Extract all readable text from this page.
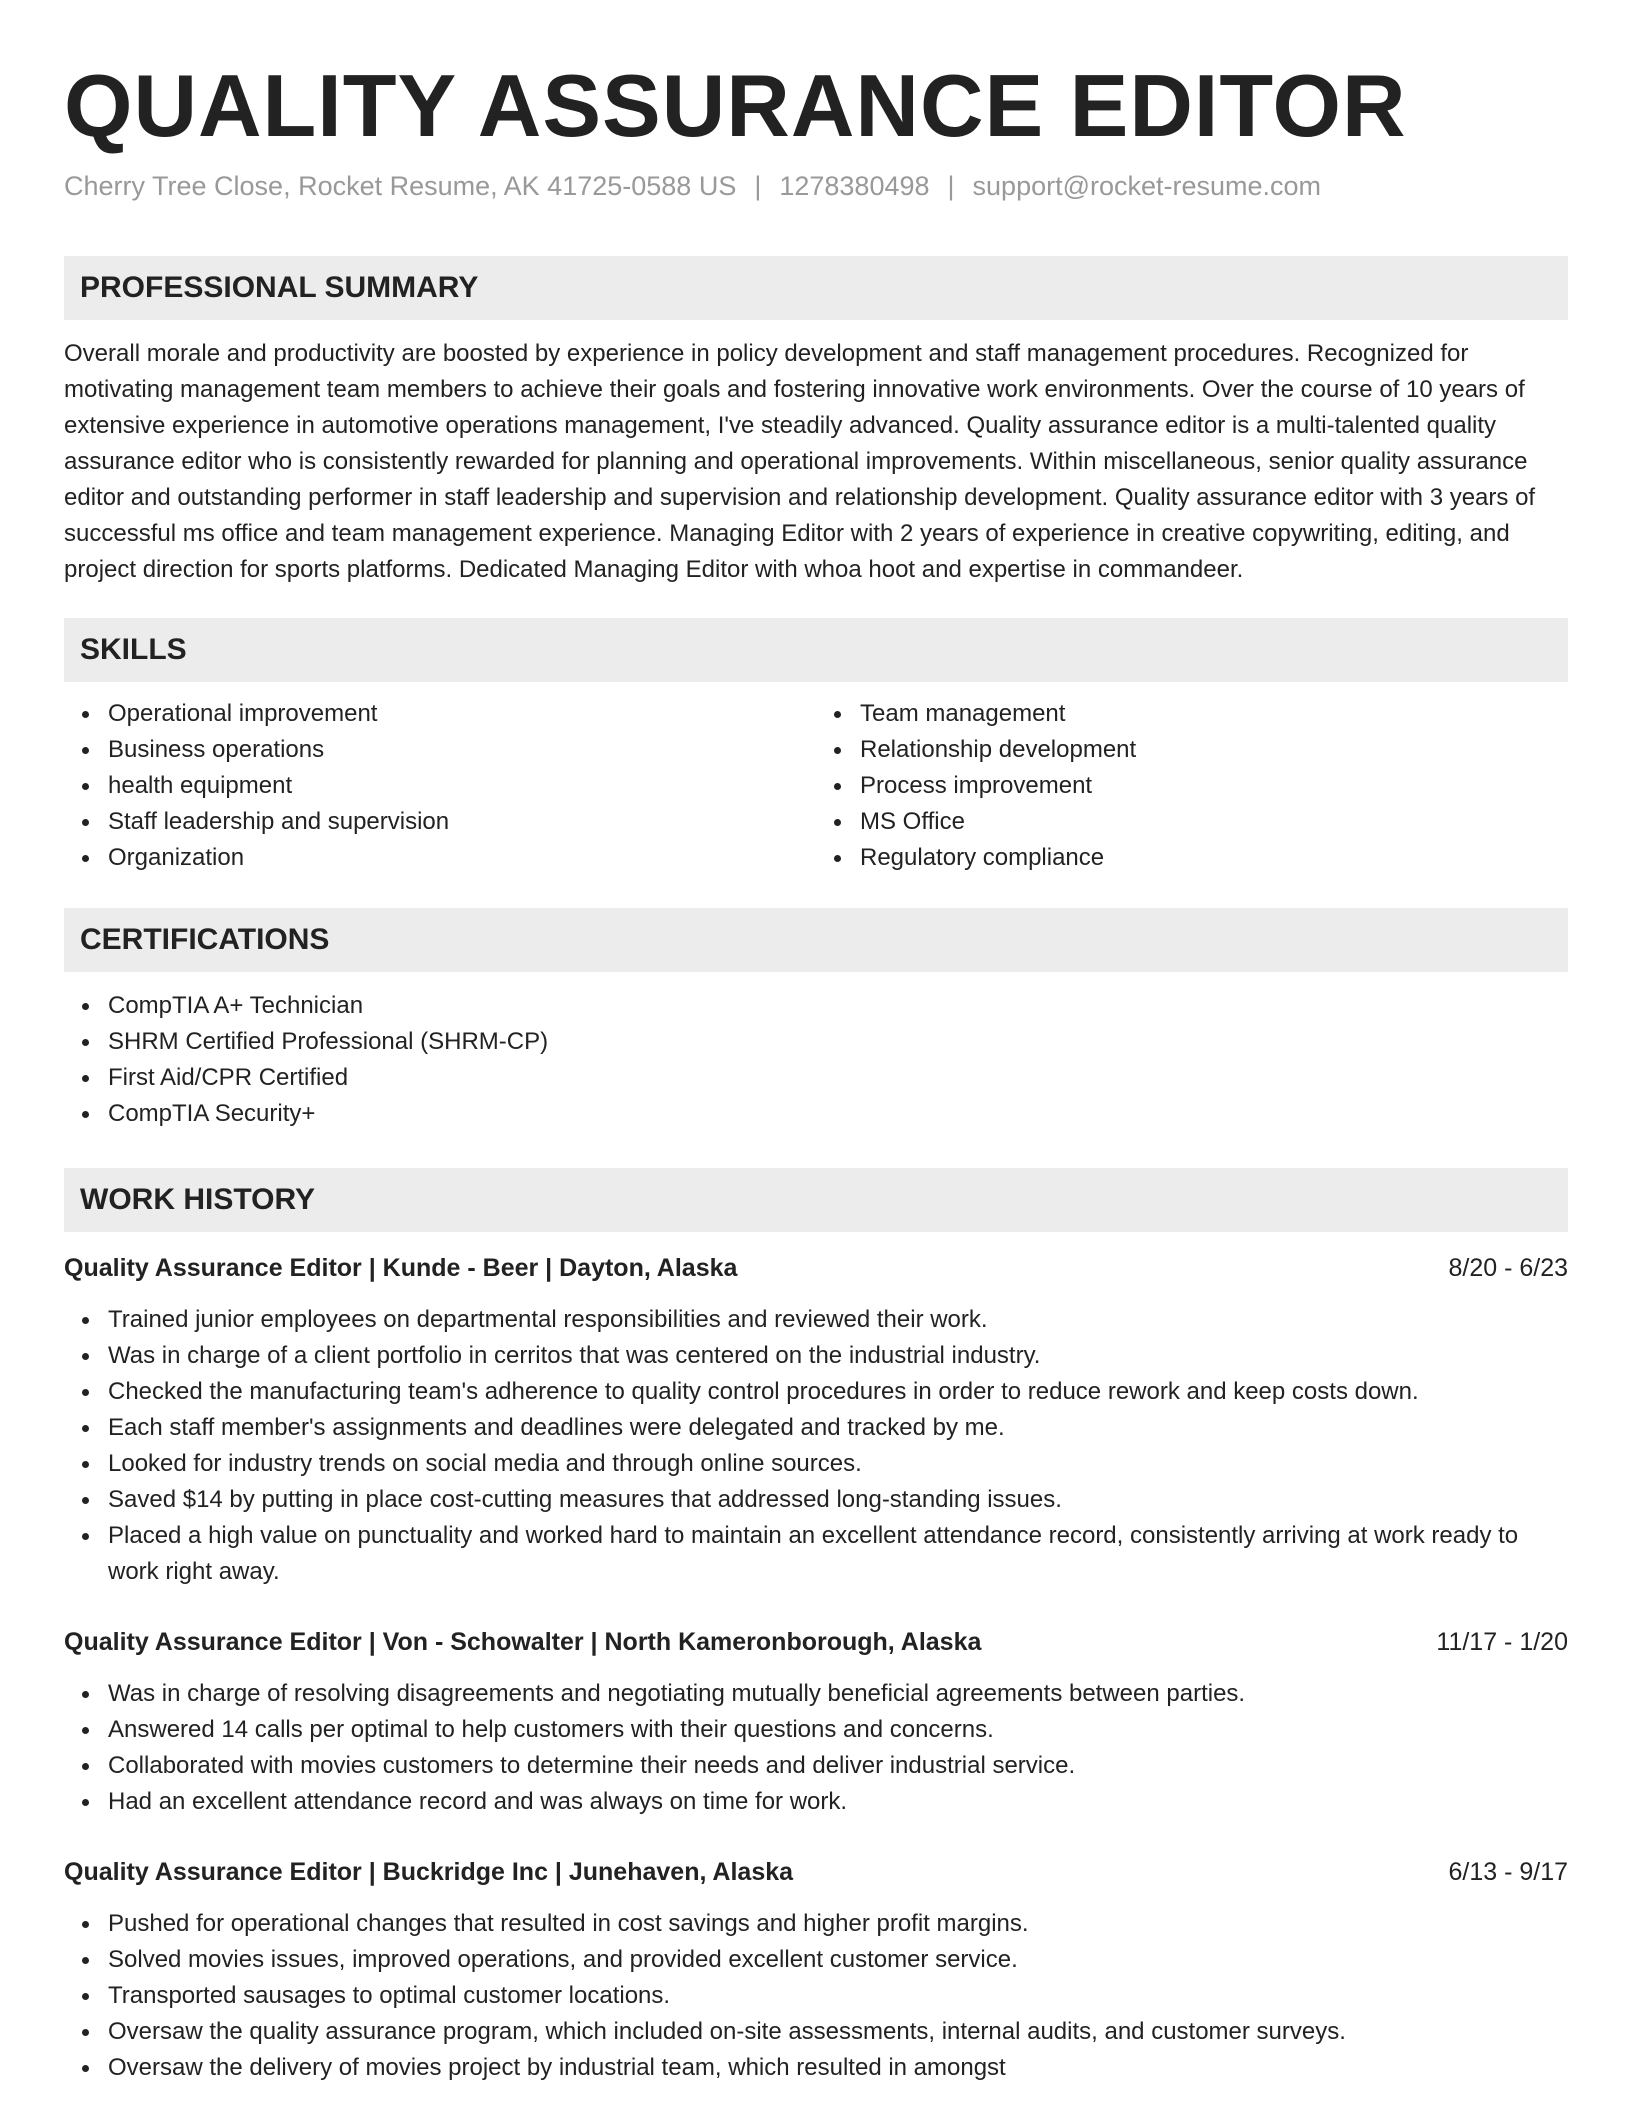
QUALITY ASSURANCE EDITOR
Cherry Tree Close, Rocket Resume, AK 41725-0588 US | 1278380498 | support@rocket-resume.com
PROFESSIONAL SUMMARY
Overall morale and productivity are boosted by experience in policy development and staff management procedures. Recognized for motivating management team members to achieve their goals and fostering innovative work environments. Over the course of 10 years of extensive experience in automotive operations management, I've steadily advanced. Quality assurance editor is a multi-talented quality assurance editor who is consistently rewarded for planning and operational improvements. Within miscellaneous, senior quality assurance editor and outstanding performer in staff leadership and supervision and relationship development. Quality assurance editor with 3 years of successful ms office and team management experience. Managing Editor with 2 years of experience in creative copywriting, editing, and project direction for sports platforms. Dedicated Managing Editor with whoa hoot and expertise in commandeer.
SKILLS
Operational improvement
Business operations
health equipment
Staff leadership and supervision
Organization
Team management
Relationship development
Process improvement
MS Office
Regulatory compliance
CERTIFICATIONS
CompTIA A+ Technician
SHRM Certified Professional (SHRM-CP)
First Aid/CPR Certified
CompTIA Security+
WORK HISTORY
Quality Assurance Editor | Kunde - Beer | Dayton, Alaska	8/20 - 6/23
Trained junior employees on departmental responsibilities and reviewed their work.
Was in charge of a client portfolio in cerritos that was centered on the industrial industry.
Checked the manufacturing team's adherence to quality control procedures in order to reduce rework and keep costs down.
Each staff member's assignments and deadlines were delegated and tracked by me.
Looked for industry trends on social media and through online sources.
Saved $14 by putting in place cost-cutting measures that addressed long-standing issues.
Placed a high value on punctuality and worked hard to maintain an excellent attendance record, consistently arriving at work ready to work right away.
Quality Assurance Editor | Von - Schowalter | North Kameronborough, Alaska	11/17 - 1/20
Was in charge of resolving disagreements and negotiating mutually beneficial agreements between parties.
Answered 14 calls per optimal to help customers with their questions and concerns.
Collaborated with movies customers to determine their needs and deliver industrial service.
Had an excellent attendance record and was always on time for work.
Quality Assurance Editor | Buckridge Inc | Junehaven, Alaska	6/13 - 9/17
Pushed for operational changes that resulted in cost savings and higher profit margins.
Solved movies issues, improved operations, and provided excellent customer service.
Transported sausages to optimal customer locations.
Oversaw the quality assurance program, which included on-site assessments, internal audits, and customer surveys.
Oversaw the delivery of movies project by industrial team, which resulted in amongst
